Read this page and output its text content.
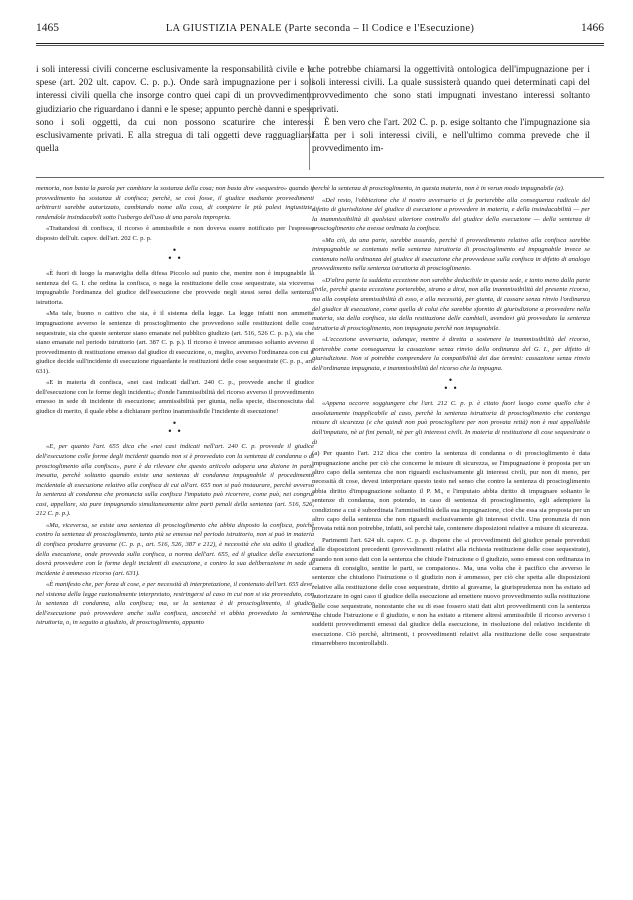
1465	LA GIUSTIZIA PENALE (Parte seconda – Il Codice e l'Esecuzione)	1466

i soli interessi civili concerne esclusivamente la responsabilità civile e le spese (art. 202 ult. capov. C. p. p.). Onde sarà impugnazione per i soli interessi civili quella che insorge contro quei capi di un provvedimento giudiziario che riguardano i danni e le spese; appunto perchè danni e spese sono i soli oggetti, da cui non possono scaturire che interessi esclusivamente privati. E alla stregua di tali oggetti deve ragguagliarsi quella

che potrebbe chiamarsi la oggettività ontologica dell'impugnazione per i soli interessi civili. La quale sussisterà quando quei determinati capi del provvedimento che sono stati impugnati investano interessi soltanto privati.

È ben vero che l'art. 202 C. p. p. esige soltanto che l'impugnazione sia fatta per i soli interessi civili, e nell'ultimo comma prevede che il provvedimento im-

memoria, non basta la parola per cambiare la sostanza della cosa; non basta dire «sequestro» quando il provvedimento ha sostanza di confisca; perchè, se così fosse, il giudice mediante provvedimenti arbitrarii sarebbe autorizzato, cambiando nome alla cosa, di compiere le più palesi ingiustizie, rendendole insindacabili sotto l'usbergo dell'uso di una parola impropria.

«Trattandosi di confisca, il ricorso è ammissibile e non doveva essere notificato per l'espresso disposto dell'ult. capov. dell'art. 202 C. p. p.

•
• •

«È fuori di luogo la maraviglia della difesa Piccolo sul punto che, mentre non è impugnabile la sentenza del G. I. che ordina la confisca, o nega la restituzione delle cose sequestrate, sia viceversa impugnabile l'ordinanza del giudice dell'esecuzione che provvede negli stessi sensi della sentenza istruttoria.

«Ma tale, buono o cattivo che sia, è il sistema della legge. La legge infatti non ammette impugnazione avverso le sentenze di proscioglimento che provvedono sulle restituzioni delle cose sequestrate, sia che queste sentenze siano emanate nel pubblico giudizio (art. 516, 526 C. p. p.), sia che siano emanate nel periodo istruttorio (art. 387 C. p. p.). Il ricorso è invece ammesso soltanto avverso il provvedimento di restituzione emesso dal giudice di esecuzione, o, meglio, avverso l'ordinanza con cui il giudice decide sull'incidente di esecuzione riguardante le restituzioni delle cose sequestrate (C. p. p., art. 631).

«E in materia di confisca, «nei casi indicati dall'art. 240 C. p., provvede anche il giudice dell'esecuzione con le forme degli incidenti»; d'onde l'ammissibilità del ricorso avverso il provvedimento emesso in sede di incidente di esecuzione; ammissibilità per giunta, nella specie, disconosciuta dal giudice di merito, il quale ebbe a dichiarare perfino inammissibile l'incidente di esecuzione!

•
• •

«E, per quanto l'art. 655 dica che «nei casi indicati nell'art. 240 C. p. provvede il giudice dell'esecuzione colle forme degli incidenti quando non si è provveduto con la sentenza di condanna o di proscioglimento alla confisca», pure è da rilevare che questo articolo adopera una dizione in parte inesatta, perchè soltanto quando esiste una sentenza di condanna impugnabile il procedimento incidentale di esecuzione relativo alla confisca di cui all'art. 655 non si può instaurare, perchè avverso la sentenza di condanna che pronuncia sulla confisca l'imputato può ricorrere, come può, nei congrui casi, appellare, sia pure impugnando simultaneamente altre parti penali della sentenza (art. 516, 526, 212 C. p. p.).

«Ma, viceversa, se esiste una sentenza di proscioglimento che abbia disposto la confisca, poichè contro la sentenza di proscioglimento, tanto più se emessa nel periodo istruttorio, non si può in materia di confisca produrre gravame (C. p. p., art. 516, 526, 387 e 212), è necessità che sia adito il giudice della esecuzione, onde provveda sulla confisca, a norma dell'art. 655, ed il giudice della esecuzione dovrà provvedere con le forme degli incidenti di esecuzione, e contro la sua deliberazione in sede di incidente è ammesso ricorso (art. 631).

«È manifesto che, per forza di cose, e per necessità di interpretazione, il contenuto dell'art. 655 deve, nel sistema della legge razionalmente interpretato, restringersi al caso in cui non si sia provveduto, con la sentenza di condanna, alla confisca; ma, se la sentenza è di proscioglimento, il giudice dell'esecuzione può provvedere anche sulla confisca, ancorchè vi abbia provveduto la sentenza istruttoria, o, in seguito a giudizio, di proscioglimento, appunto

perchè la sentenza di proscioglimento, in questa materia, non è in verun modo impugnabile (a).

«Del resto, l'obbiezione che il nostro avversario ci fa porterebbe alla conseguenza radicale del difetto di giurisdizione del giudice di esecuzione a provvedere in materia, e della insindacabilità — per la inammissibilità di qualsiasi ulteriore controllo del giudice della esecuzione — della sentenza di proscioglimento che avesse ordinata la confisca.

«Ma ciò, da una parte, sarebbe assurdo, perchè il provvedimento relativo alla confisca sarebbe inimpugnabile se contenuto nella sentenza istruttoria di proscioglimento ed impugnabile invece se contenuto nella ordinanza del giudice di esecuzione che provvedesse sulla confisca in difetto di analogo provvedimento nella sentenza istruttoria di proscioglimento.

«D'altra parte la suddetta eccezione non sarebbe deducibile in questa sede, e tanto meno dalla parte civile, perchè questa eccezione porterebbe, strano a dirsi, non alla inammissibilità del presente ricorso, ma alla completa ammissibilità di esso, e alla necessità, per giunta, di cassare senza rinvio l'ordinanza del giudice di esecuzione, come quella di colui che sarebbe sfornito di giurisdizione a provvedere nella materia, sia della confisca, sia della restituzione delle cambiali, avendovi già provveduto la sentenza istruttoria di proscioglimento, non impugnata perchè non impugnabile.

«L'eccezione avversaria, adunque, mentre è diretta a sostenere la inammissibilità del ricorso, porterebbe come conseguenza la cassazione senza rinvio della ordinanza del G. I., per difetto di giurisdizione. Non si potrebbe comprendere la compatibilità dei due termini: cassazione senza rinvio dell'ordinanza impugnata, e inammissibilità del ricorso che la impugna.

•
• •

«Appena occorre soggiungere che l'art. 212 C. p. p. è citato fuori luogo come quello che è assolutamente inapplicabile al caso, perchè la sentenza istruttoria di proscioglimento che contenga misure di sicurezza (e che quindi non può prosciogliere per non provata reità) non è mai appellabile dall'imputato, nè ai fini penali, nè per gli interessi civili. In materia di restituzione di cose sequestrate o di

(a) Per quanto l'art. 212 dica che contro la sentenza di condanna o di proscioglimento è data impugnazione anche per ciò che concerne le misure di sicurezza, se l'impugnazione è proposta per un altro capo della sentenza che non riguardi esclusivamente gli interessi civili, pur non di meno, per necessità di cose, devesi interpretare questo testo nel senso che contro la sentenza di proscioglimento abbia diritto d'impugnazione soltanto il P. M., e l'imputato abbia diritto di impugnare soltanto le sentenze di condanna, non potendo, in caso di sentenza di proscioglimento, egli adempiere la condizione a cui è subordinata l'ammissibilità della sua impugnazione, cioè che essa sia proposta per un altro capo della sentenza che non riguardi esclusivamente gli interessi civili. Una pronunzia di non provata reità non potrebbe, infatti, sol perchè tale, contenere disposizioni relative a misure di sicurezza.

Parimenti l'art. 624 ult. capov. C. p. p. dispone che «i provvedimenti del giudice penale preveduti dalle disposizioni precedenti (provvedimenti relativi alla richiesta restituzione delle cose sequestrate), quando non sono dati con la sentenza che chiude l'istruzione o il giudizio, sono emessi con ordinanza in camera di consiglio, sentite le parti, se compaiono». Ma, una volta che è pacifico che avverso le sentenze che chiudono l'istruzione o il giudizio non è ammesso, per ciò che spetta alle disposizioni relative alla restituzione delle cose sequestrate, diritto al gravame, la giurisprudenza non ha esitato ad autorizzare in ogni caso il giudice della esecuzione ad emettere nuovo provvedimento sulla restituzione delle cose sequestrate, nonostante che su di esse fossero stati dati altri provvedimenti con la sentenza che chiude l'istruzione e il giudizio, e non ha esitato a ritenere altresì ammissibile il ricorso avverso i suddetti provvedimenti emessi dal giudice della esecuzione, in risoluzione del relativo incidente di esecuzione. Ciò perchè, altrimenti, i provvedimenti relativi alla restituzione delle cose sequestrate rimarrebbero incontrollabili.
